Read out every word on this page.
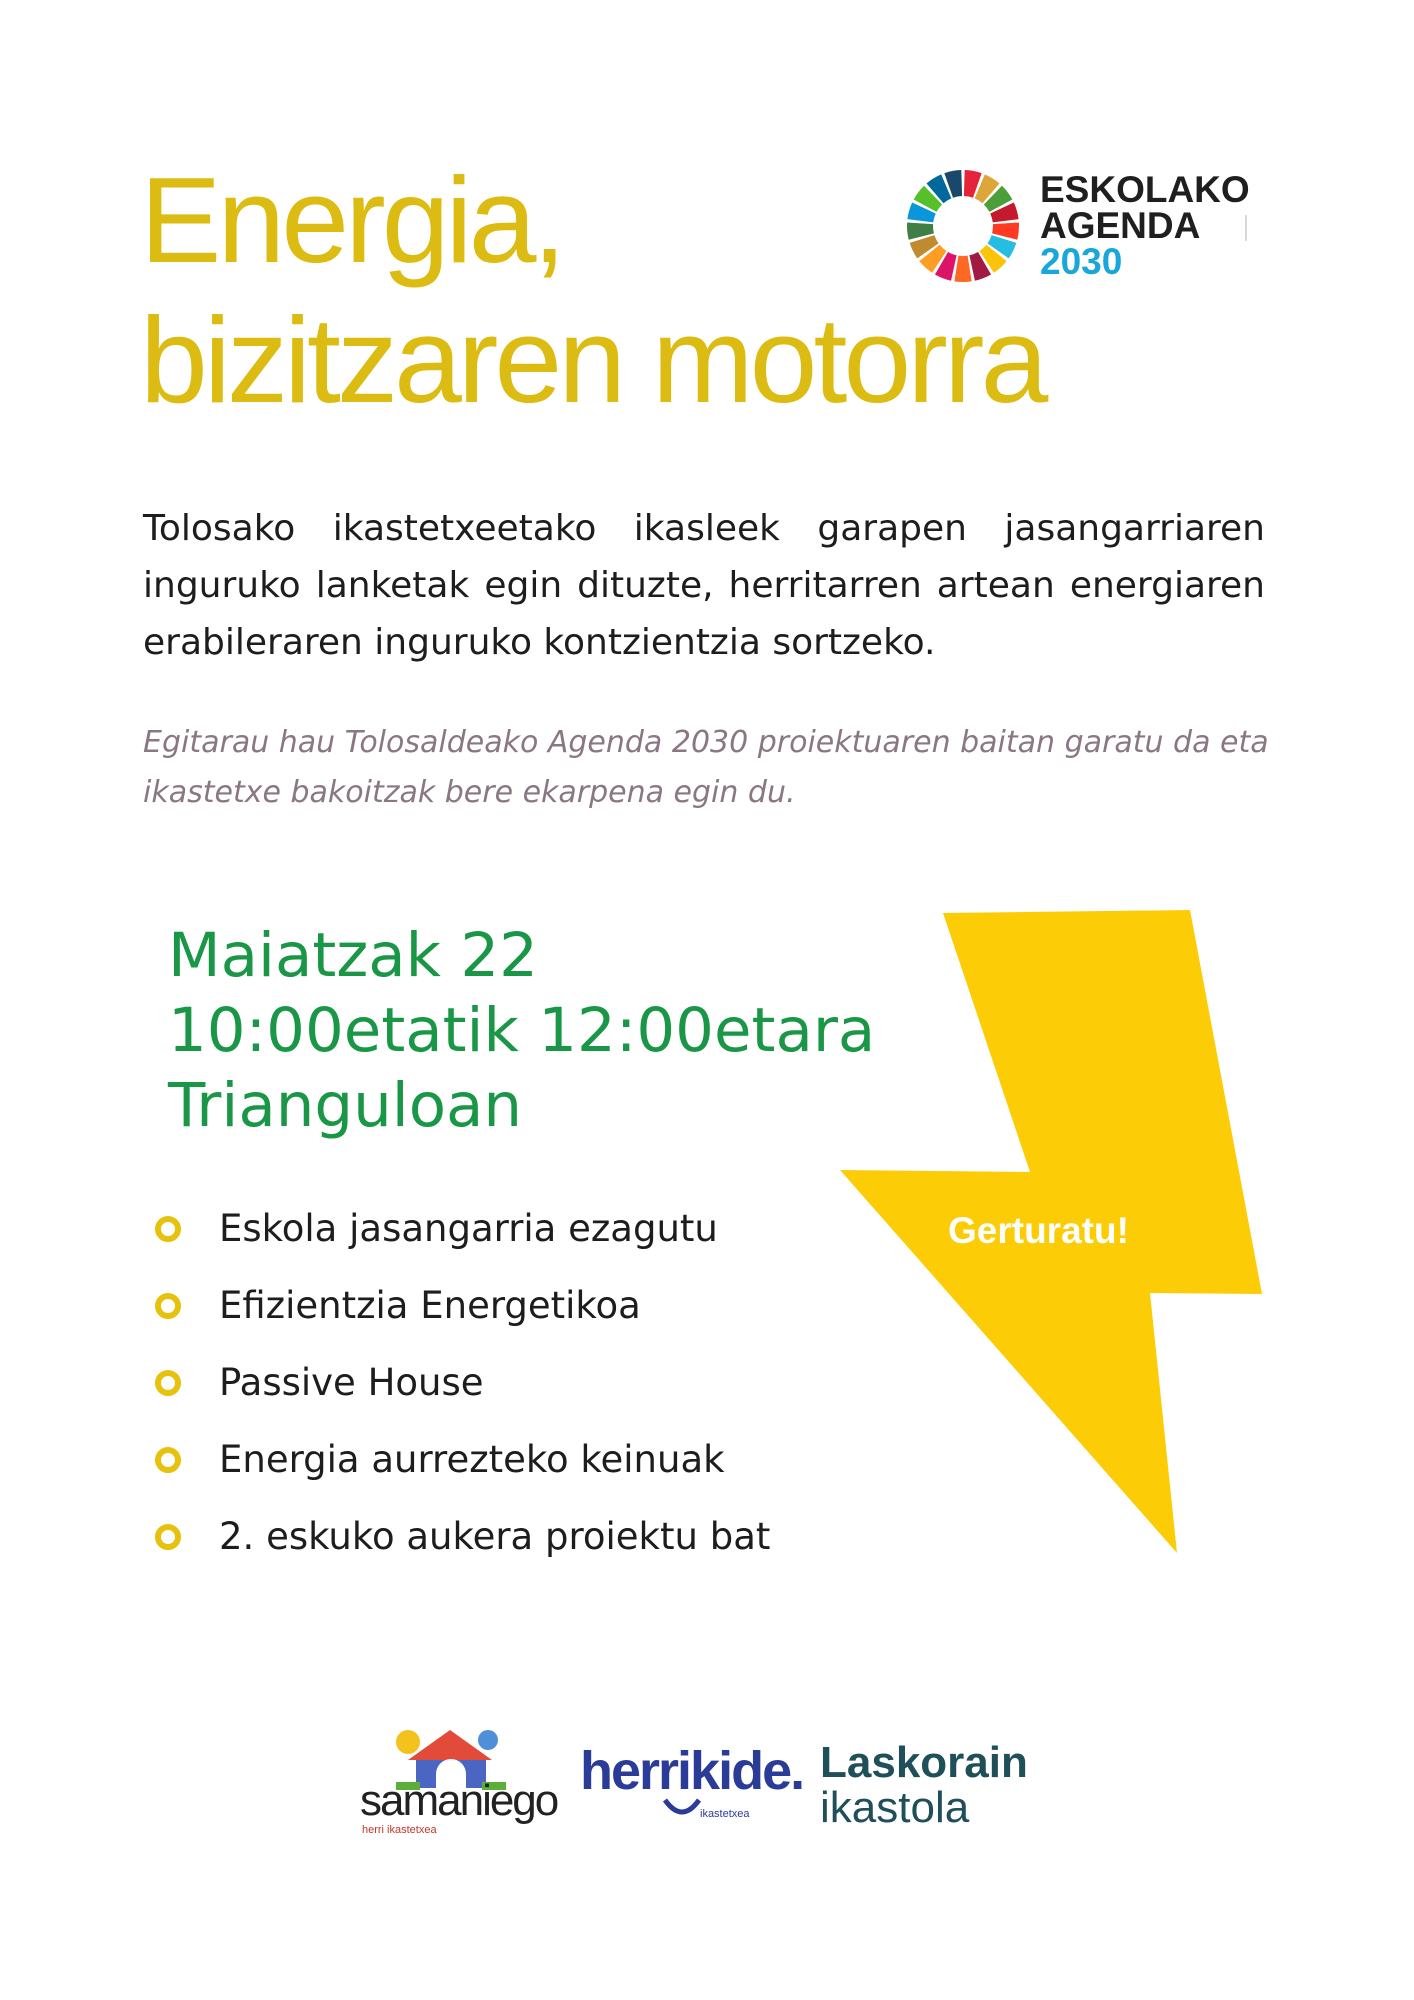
Energia,
bizitzaren motorra
ESKOLAKO
AGENDA
2030

Tolosako ikastetxeetako ikasleek garapen jasangarriaren inguruko lanketak egin dituzte, herritarren artean energiaren erabileraren inguruko kontzientzia sortzeko.

Egitarau hau Tolosaldeako Agenda 2030 proiektuaren baitan garatu da eta ikastetxe bakoitzak bere ekarpena egin du.

Maiatzak 22
10:00etatik 12:00etara
Trianguloan
Gerturatu!
Eskola jasangarria ezagutu
Efizientzia Energetikoa
Passive House
Energia aurrezteko keinuak
2. eskuko aukera proiektu bat
samaniego
herri ikastetxea
herrikide.
ikastetxea
Laskorain
ikastola
